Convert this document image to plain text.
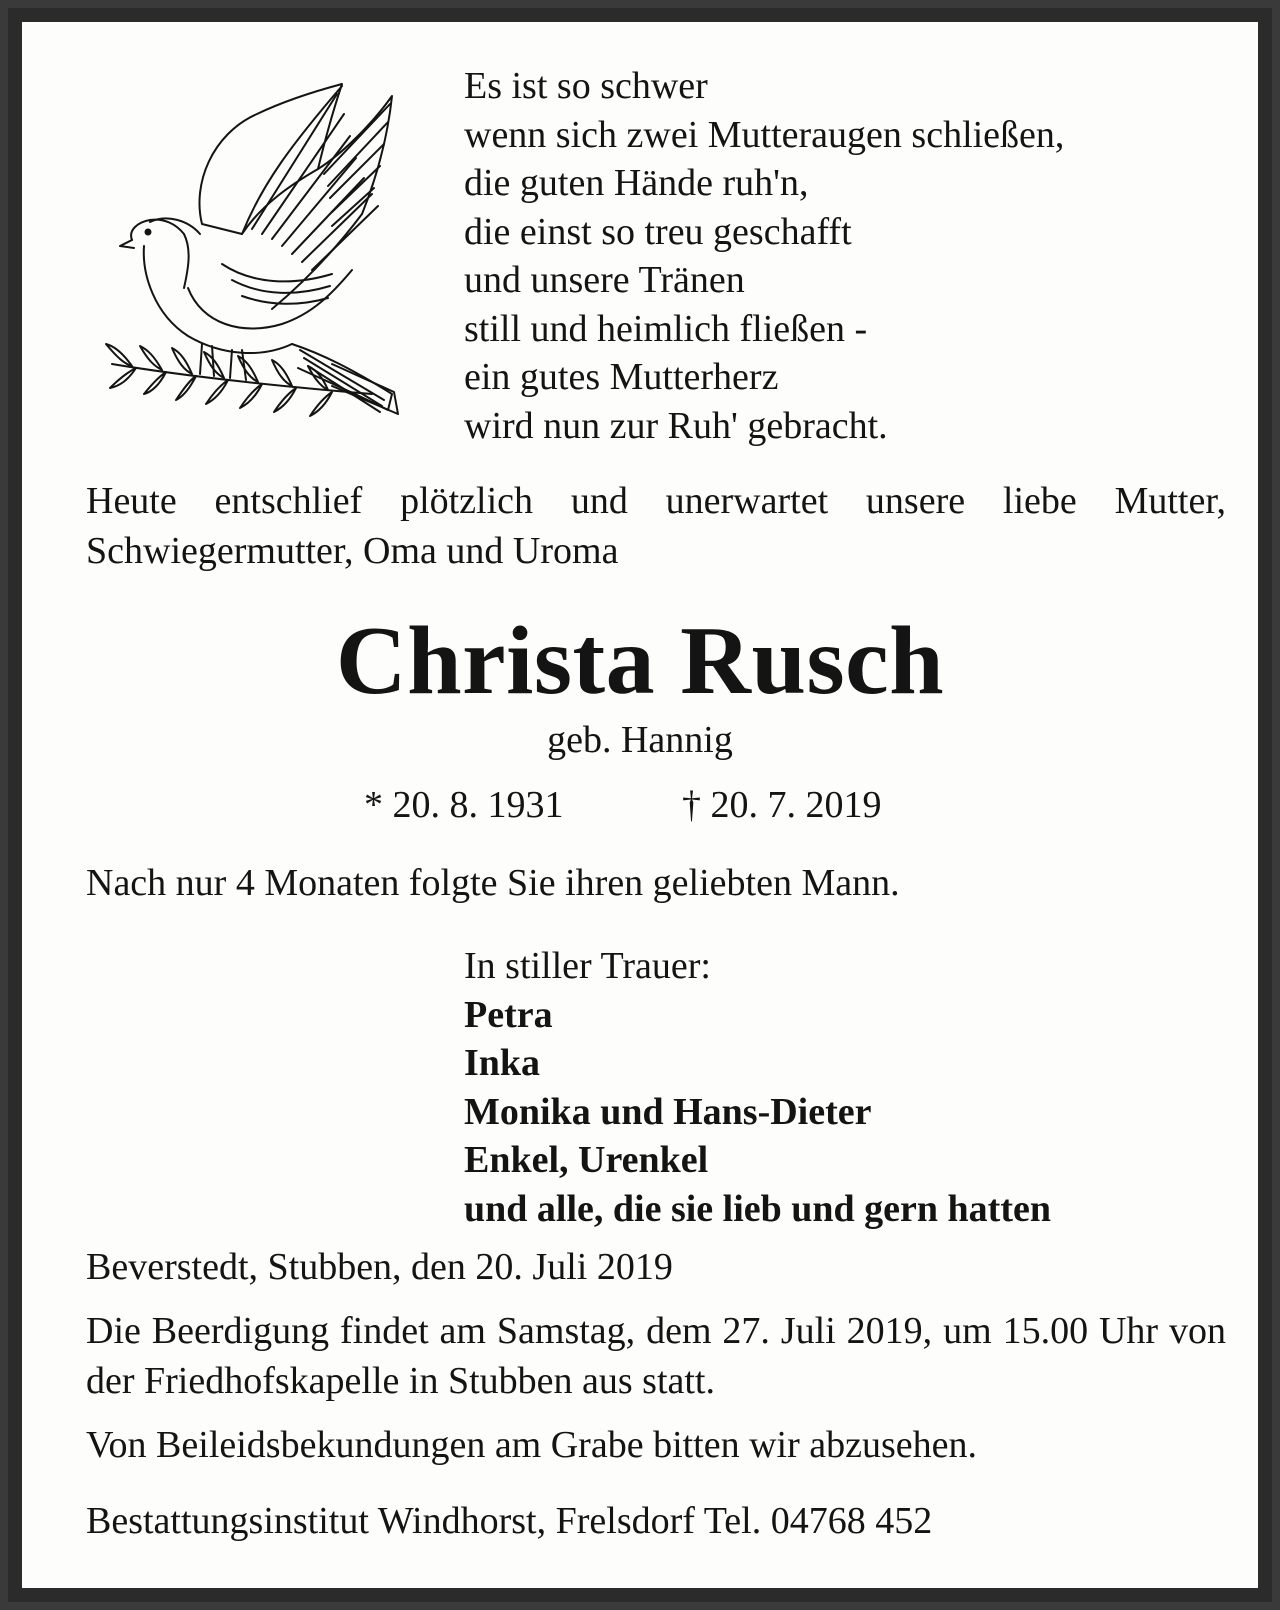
Es ist so schwer
wenn sich zwei Mutteraugen schließen,
die guten Hände ruh'n,
die einst so treu geschafft
und unsere Tränen
still und heimlich fließen -
ein gutes Mutterherz
wird nun zur Ruh' gebracht.
Heute entschlief plötzlich und unerwartet unsere liebe Mutter, Schwiegermutter, Oma und Uroma
Christa Rusch
geb. Hannig
* 20. 8. 1931	† 20. 7. 2019
Nach nur 4 Monaten folgte Sie ihren geliebten Mann.
In stiller Trauer:
Petra
Inka
Monika und Hans-Dieter
Enkel, Urenkel
und alle, die sie lieb und gern hatten
Beverstedt, Stubben, den 20. Juli 2019
Die Beerdigung findet am Samstag, dem 27. Juli 2019, um 15.00 Uhr von der Friedhofskapelle in Stubben aus statt.
Von Beileidsbekundungen am Grabe bitten wir abzusehen.
Bestattungsinstitut Windhorst, Frelsdorf Tel. 04768 452
